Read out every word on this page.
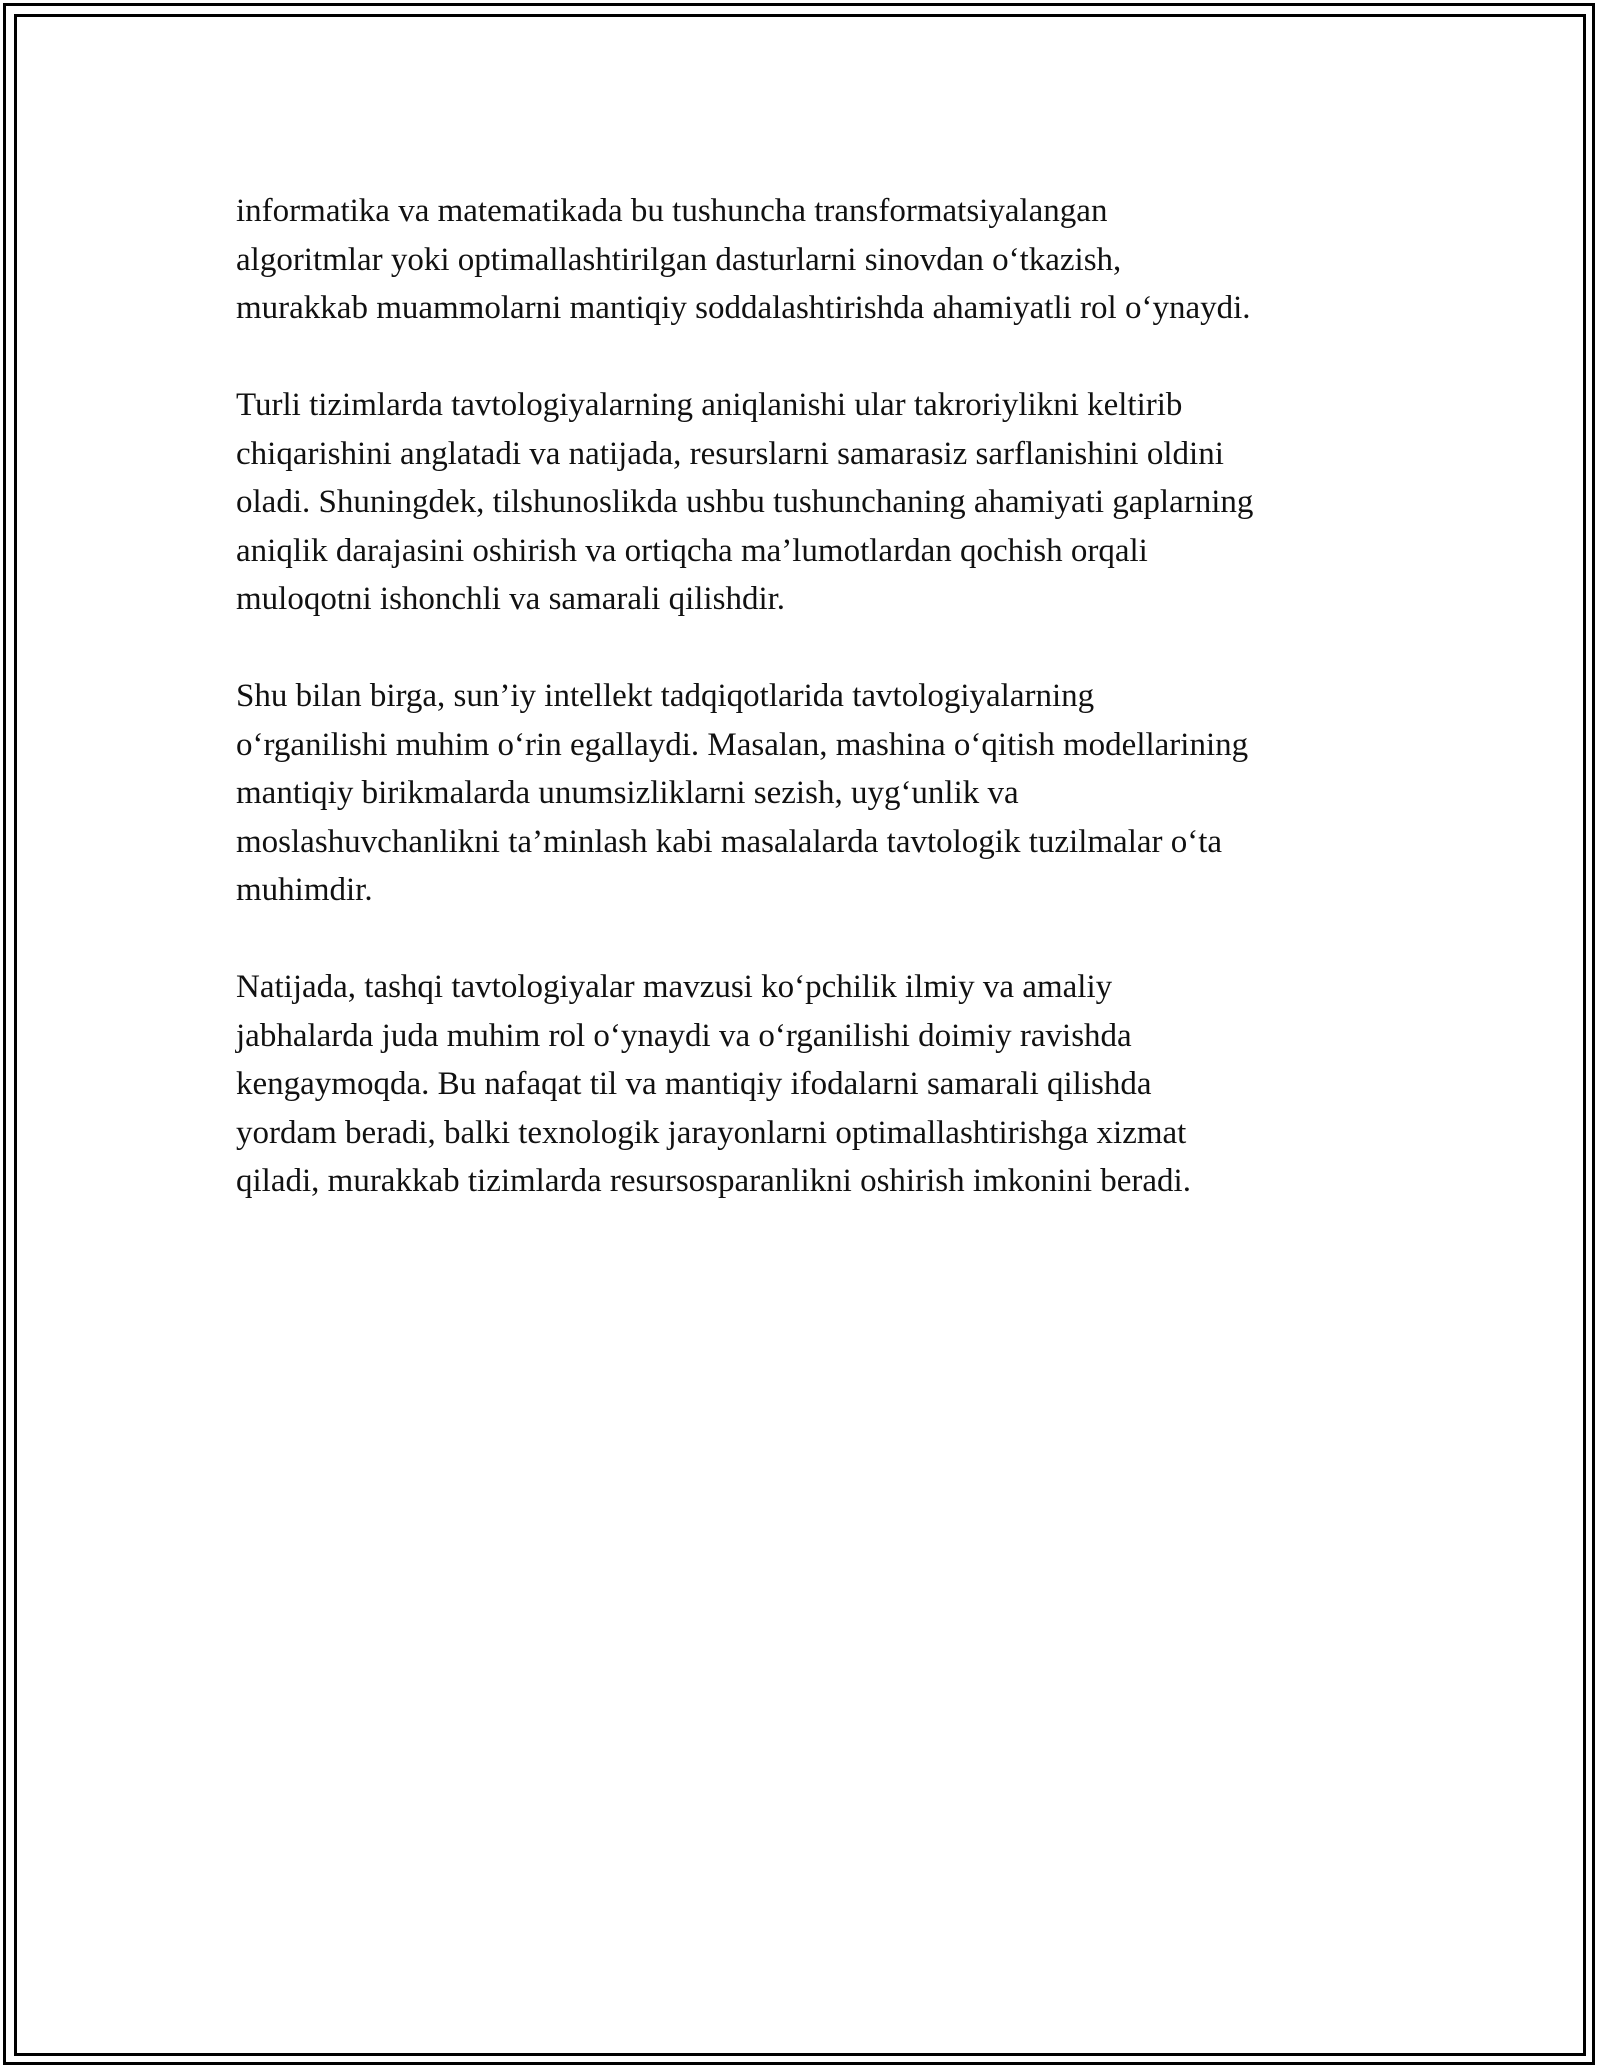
informatika va matematikada bu tushuncha transformatsiyalangan
algoritmlar yoki optimallashtirilgan dasturlarni sinovdan o‘tkazish,
murakkab muammolarni mantiqiy soddalashtirishda ahamiyatli rol o‘ynaydi.
Turli tizimlarda tavtologiyalarning aniqlanishi ular takroriylikni keltirib
chiqarishini anglatadi va natijada, resurslarni samarasiz sarflanishini oldini
oladi. Shuningdek, tilshunoslikda ushbu tushunchaning ahamiyati gaplarning
aniqlik darajasini oshirish va ortiqcha ma’lumotlardan qochish orqali
muloqotni ishonchli va samarali qilishdir.
Shu bilan birga, sun’iy intellekt tadqiqotlarida tavtologiyalarning
o‘rganilishi muhim o‘rin egallaydi. Masalan, mashina o‘qitish modellarining
mantiqiy birikmalarda unumsizliklarni sezish, uyg‘unlik va
moslashuvchanlikni ta’minlash kabi masalalarda tavtologik tuzilmalar o‘ta
muhimdir.
Natijada, tashqi tavtologiyalar mavzusi ko‘pchilik ilmiy va amaliy
jabhalarda juda muhim rol o‘ynaydi va o‘rganilishi doimiy ravishda
kengaymoqda. Bu nafaqat til va mantiqiy ifodalarni samarali qilishda
yordam beradi, balki texnologik jarayonlarni optimallashtirishga xizmat
qiladi, murakkab tizimlarda resursosparanlikni oshirish imkonini beradi.
